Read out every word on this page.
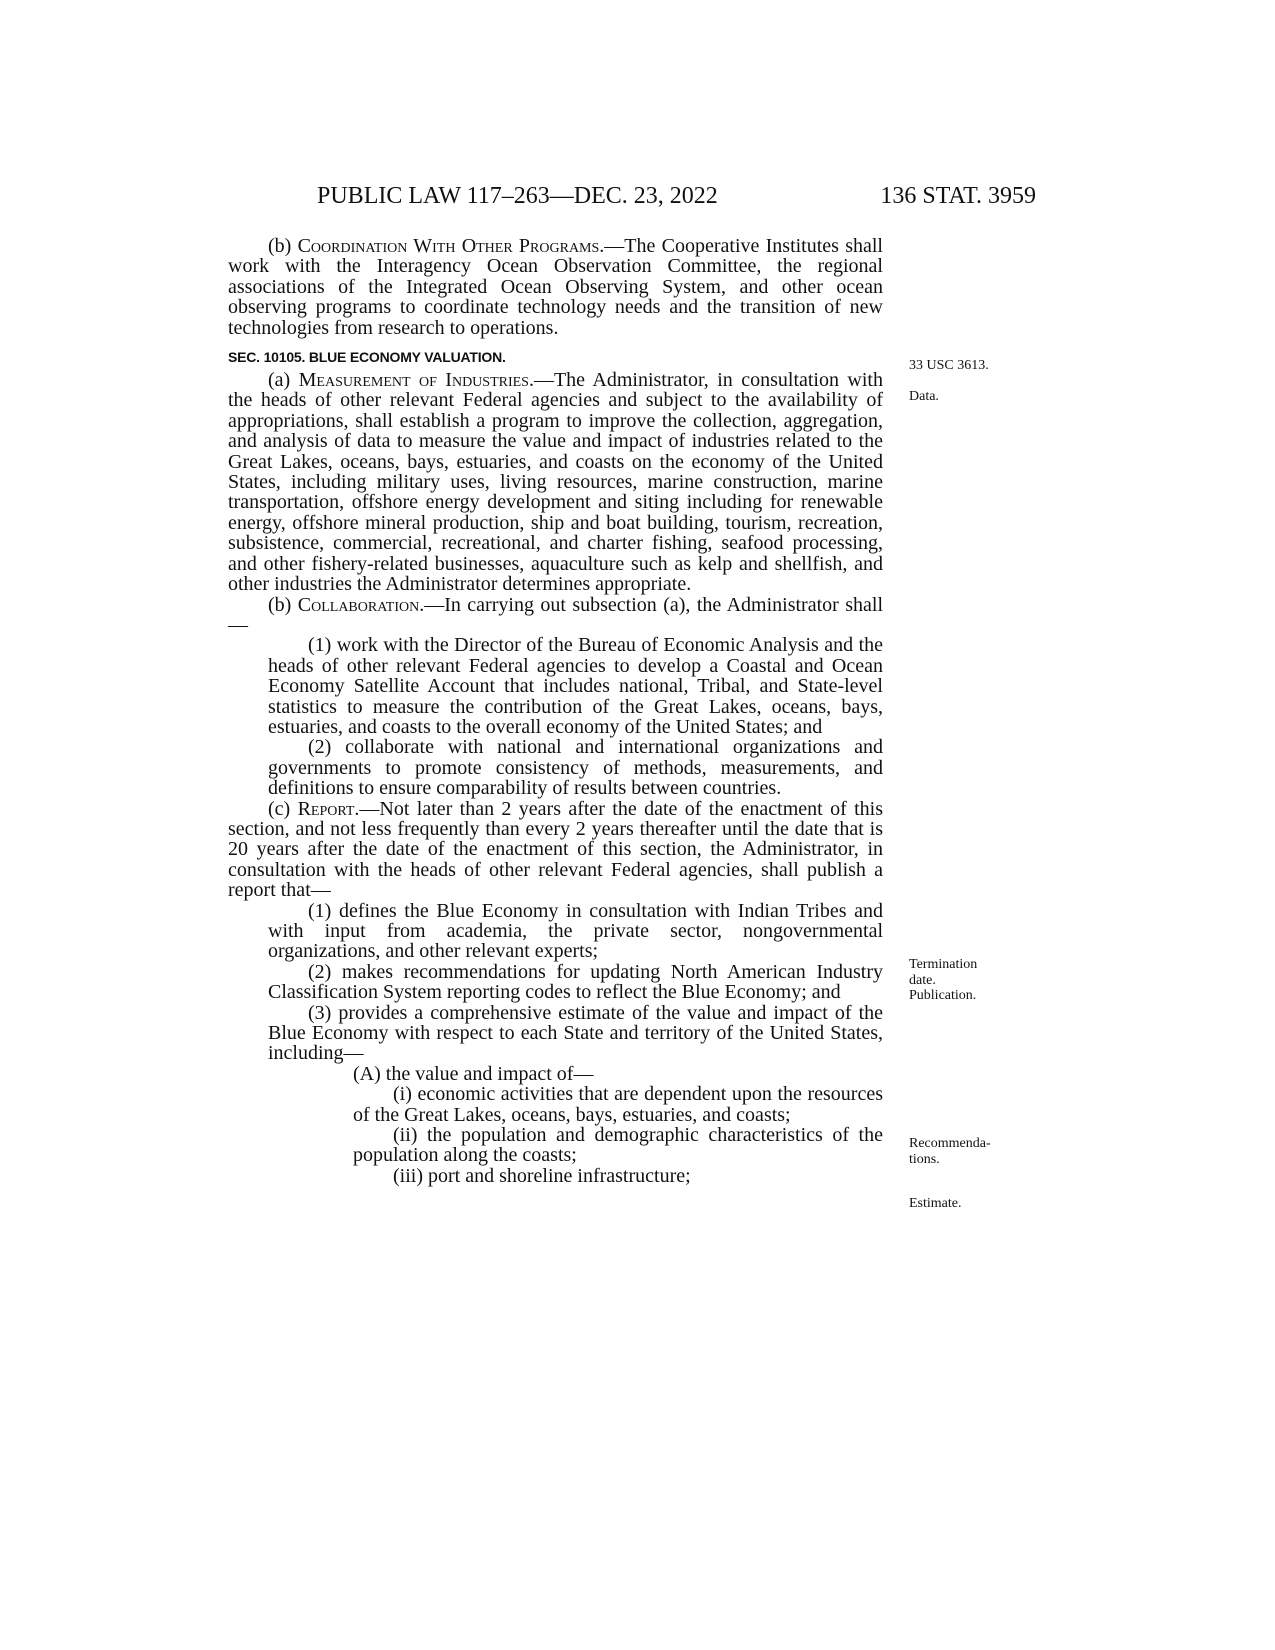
PUBLIC LAW 117–263—DEC. 23, 2022	136 STAT. 3959

(b) Coordination With Other Programs.—The Cooperative Institutes shall work with the Interagency Ocean Observation Committee, the regional associations of the Integrated Ocean Observing System, and other ocean observing programs to coordinate technology needs and the transition of new technologies from research to operations.

SEC. 10105. BLUE ECONOMY VALUATION.

(a) Measurement of Industries.—The Administrator, in consultation with the heads of other relevant Federal agencies and subject to the availability of appropriations, shall establish a program to improve the collection, aggregation, and analysis of data to measure the value and impact of industries related to the Great Lakes, oceans, bays, estuaries, and coasts on the economy of the United States, including military uses, living resources, marine construction, marine transportation, offshore energy development and siting including for renewable energy, offshore mineral production, ship and boat building, tourism, recreation, subsistence, commercial, recreational, and charter fishing, seafood processing, and other fishery-related businesses, aquaculture such as kelp and shellfish, and other industries the Administrator determines appropriate.

(b) Collaboration.—In carrying out subsection (a), the Administrator shall—

(1) work with the Director of the Bureau of Economic Analysis and the heads of other relevant Federal agencies to develop a Coastal and Ocean Economy Satellite Account that includes national, Tribal, and State-level statistics to measure the contribution of the Great Lakes, oceans, bays, estuaries, and coasts to the overall economy of the United States; and

(2) collaborate with national and international organizations and governments to promote consistency of methods, measurements, and definitions to ensure comparability of results between countries.

(c) Report.—Not later than 2 years after the date of the enactment of this section, and not less frequently than every 2 years thereafter until the date that is 20 years after the date of the enactment of this section, the Administrator, in consultation with the heads of other relevant Federal agencies, shall publish a report that—

(1) defines the Blue Economy in consultation with Indian Tribes and with input from academia, the private sector, nongovernmental organizations, and other relevant experts;

(2) makes recommendations for updating North American Industry Classification System reporting codes to reflect the Blue Economy; and

(3) provides a comprehensive estimate of the value and impact of the Blue Economy with respect to each State and territory of the United States, including—

(A) the value and impact of—

(i) economic activities that are dependent upon the resources of the Great Lakes, oceans, bays, estuaries, and coasts;

(ii) the population and demographic characteristics of the population along the coasts;

(iii) port and shoreline infrastructure;

33 USC 3613.
Data.
Termination
date.
Publication.
Recommenda-
tions.
Estimate.
